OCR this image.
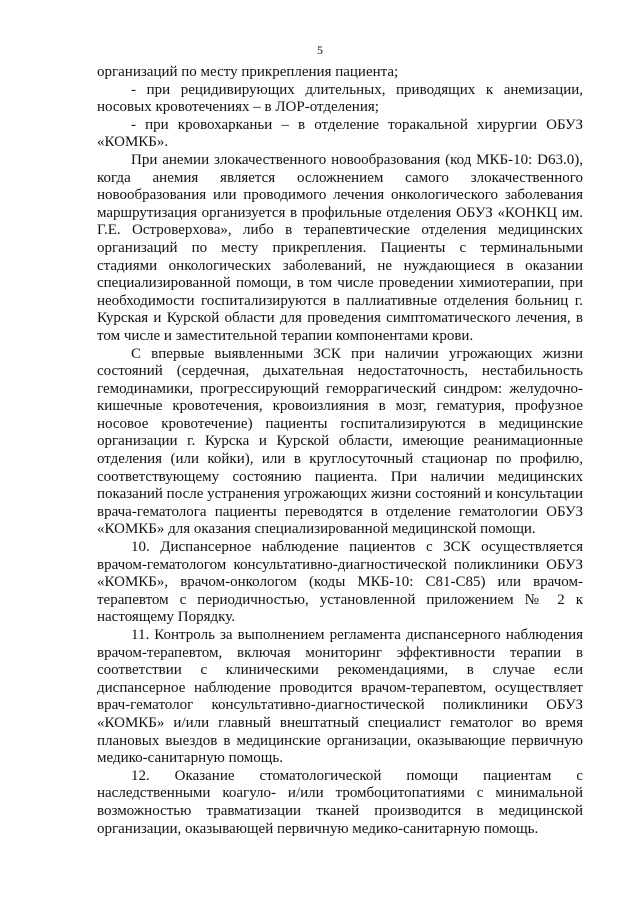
5

организаций по месту прикрепления пациента;

- при рецидивирующих длительных, приводящих к анемизации, носовых кровотечениях – в ЛОР-отделения;

- при кровохарканьи – в отделение торакальной хирургии ОБУЗ «КОМКБ».

При анемии злокачественного новообразования (код МКБ-10: D63.0), когда анемия является осложнением самого злокачественного новообразования или проводимого лечения онкологического заболевания маршрутизация организуется в профильные отделения ОБУЗ «КОНКЦ им. Г.Е. Островерхова», либо в терапевтические отделения медицинских организаций по месту прикрепления. Пациенты с терминальными стадиями онкологических заболеваний, не нуждающиеся в оказании специализированной помощи, в том числе проведении химиотерапии, при необходимости госпитализируются в паллиативные отделения больниц г. Курская и Курской области для проведения симптоматического лечения, в том числе и заместительной терапии компонентами крови.

С впервые выявленными ЗСК при наличии угрожающих жизни состояний (сердечная, дыхательная недостаточность, нестабильность гемодинамики, прогрессирующий геморрагический синдром: желудочно-кишечные кровотечения, кровоизлияния в мозг, гематурия, профузное носовое кровотечение) пациенты госпитализируются в медицинские организации г. Курска и Курской области, имеющие реанимационные отделения (или койки), или в круглосуточный стационар по профилю, соответствующему состоянию пациента. При наличии медицинских показаний после устранения угрожающих жизни состояний и консультации врача-гематолога пациенты переводятся в отделение гематологии ОБУЗ «КОМКБ» для оказания специализированной медицинской помощи.

10. Диспансерное наблюдение пациентов с ЗСК осуществляется врачом-гематологом консультативно-диагностической поликлиники ОБУЗ «КОМКБ», врачом-онкологом (коды МКБ-10: С81-С85) или врачом-терапевтом с периодичностью, установленной приложением № 2 к настоящему Порядку.

11. Контроль за выполнением регламента диспансерного наблюдения врачом-терапевтом, включая мониторинг эффективности терапии в соответствии с клиническими рекомендациями, в случае если диспансерное наблюдение проводится врачом-терапевтом, осуществляет врач-гематолог консультативно-диагностической поликлиники ОБУЗ «КОМКБ» и/или главный внештатный специалист гематолог во время плановых выездов в медицинские организации, оказывающие первичную медико-санитарную помощь.

12. Оказание стоматологической помощи пациентам с наследственными коагуло- и/или тромбоцитопатиями с минимальной возможностью травматизации тканей производится в медицинской организации, оказывающей первичную медико-санитарную помощь.
